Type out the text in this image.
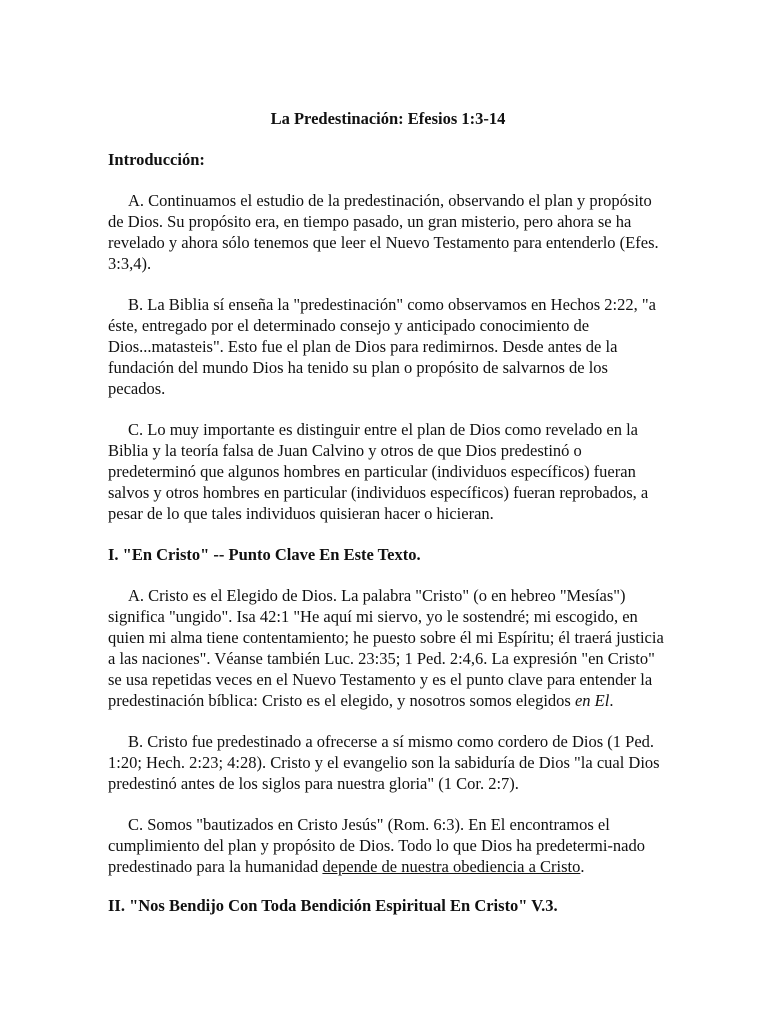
La Predestinación: Efesios 1:3-14
Introducción:

A. Continuamos el estudio de la predestinación, observando el plan y propósito de Dios. Su propósito era, en tiempo pasado, un gran misterio, pero ahora se ha revelado y ahora sólo tenemos que leer el Nuevo Testamento para entenderlo (Efes. 3:3,4).

B. La Biblia sí enseña la "predestinación" como observamos en Hechos 2:22, "a éste, entregado por el determinado consejo y anticipado conocimiento de Dios...matasteis". Esto fue el plan de Dios para redimirnos. Desde antes de la fundación del mundo Dios ha tenido su plan o propósito de salvarnos de los pecados.

C. Lo muy importante es distinguir entre el plan de Dios como revelado en la Biblia y la teoría falsa de Juan Calvino y otros de que Dios predestinó o predeterminó que algunos hombres en particular (individuos específicos) fueran salvos y otros hombres en particular (individuos específicos) fueran reprobados, a pesar de lo que tales individuos quisieran hacer o hicieran.

I. "En Cristo" -- Punto Clave En Este Texto.

A. Cristo es el Elegido de Dios. La palabra "Cristo" (o en hebreo "Mesías") significa "ungido". Isa 42:1 "He aquí mi siervo, yo le sostendré; mi escogido, en quien mi alma tiene contentamiento; he puesto sobre él mi Espíritu; él traerá justicia a las naciones". Véanse también Luc. 23:35; 1 Ped. 2:4,6. La expresión "en Cristo" se usa repetidas veces en el Nuevo Testamento y es el punto clave para entender la predestinación bíblica: Cristo es el elegido, y nosotros somos elegidos en El.

B. Cristo fue predestinado a ofrecerse a sí mismo como cordero de Dios (1 Ped. 1:20; Hech. 2:23; 4:28). Cristo y el evangelio son la sabiduría de Dios "la cual Dios predestinó antes de los siglos para nuestra gloria" (1 Cor. 2:7).

C. Somos "bautizados en Cristo Jesús" (Rom. 6:3). En El encontramos el cumplimiento del plan y propósito de Dios. Todo lo que Dios ha predetermi-nado predestinado para la humanidad depende de nuestra obediencia a Cristo.

II. "Nos Bendijo Con Toda Bendición Espiritual En Cristo" V.3.
